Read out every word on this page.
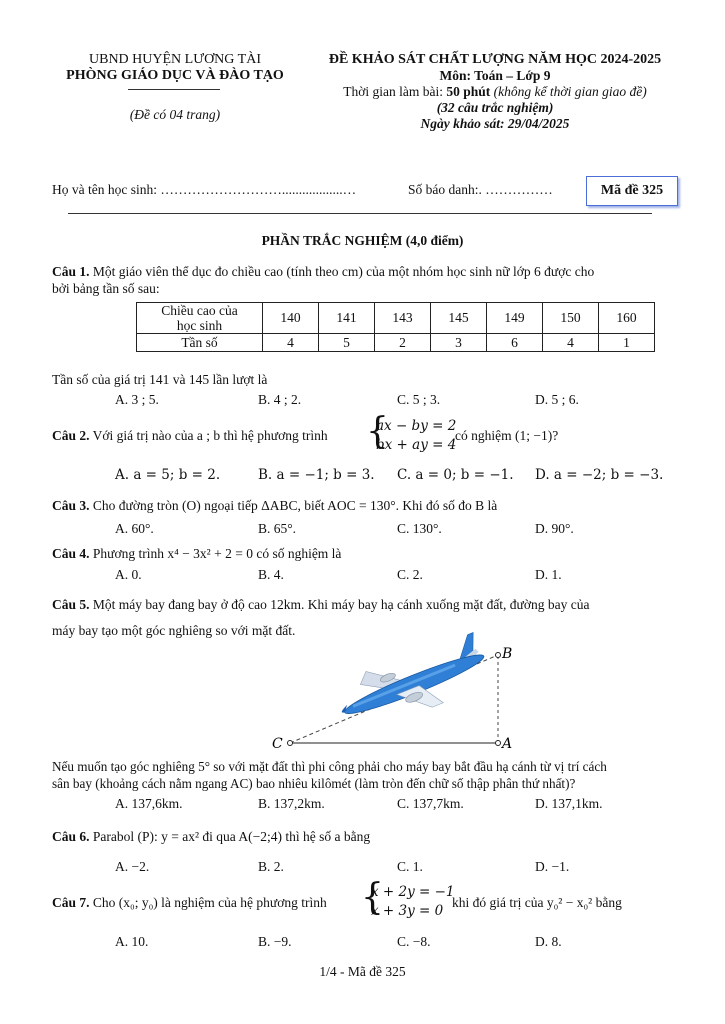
UBND HUYỆN LƯƠNG TÀI
PHÒNG GIÁO DỤC VÀ ĐÀO TẠO
(Đề có 04 trang)
ĐỀ KHẢO SÁT CHẤT LƯỢNG NĂM HỌC 2024-2025
Môn: Toán – Lớp 9
Thời gian làm bài: 50 phút (không kể thời gian giao đề)
(32 câu trắc nghiệm)
Ngày khảo sát: 29/04/2025
Họ và tên học sinh: ………………………..................…	Số báo danh:. ……………	Mã đề 325
PHẦN TRẮC NGHIỆM (4,0 điểm)
Câu 1. Một giáo viên thể dục đo chiều cao (tính theo cm) của một nhóm học sinh nữ lớp 6 được cho
bởi bảng tần số sau:
Chiều cao của
học sinh	140	141	143	145	149	150	160
Tần số	4	5	2	3	6	4	1
Tần số của giá trị 141 và 145 lần lượt là
A. 3 ; 5.	B. 4 ; 2.	C. 5 ; 3.	D. 5 ; 6.
Câu 2. Với giá trị nào của a ; b thì hệ phương trình {
ax − by = 2
bx + ay = 4
có nghiệm (1; −1)?
A. a = 5; b = 2.	B. a = −1; b = 3. C. a = 0; b = −1. D. a = −2; b = −3.
Câu 3. Cho đường tròn (O) ngoại tiếp ΔABC, biết AOC = 130°. Khi đó số đo B là
A. 60°.	B. 65°.	C. 130°.	D. 90°.
Câu 4. Phương trình x⁴ − 3x² + 2 = 0 có số nghiệm là
A. 0.	B. 4.	C. 2.	D. 1.
Câu 5. Một máy bay đang bay ở độ cao 12km. Khi máy bay hạ cánh xuống mặt đất, đường bay của
máy bay tạo một góc nghiêng so với mặt đất.
B
A
C
Nếu muốn tạo góc nghiêng 5° so với mặt đất thì phi công phải cho máy bay bắt đầu hạ cánh từ vị trí cách
sân bay (khoảng cách nằm ngang AC) bao nhiêu kilômét (làm tròn đến chữ số thập phân thứ nhất)?
A. 137,6km.	B. 137,2km.	C. 137,7km.	D. 137,1km.
Câu 6. Parabol (P): y = ax² đi qua A(−2;4) thì hệ số a bằng
A. −2.	B. 2.	C. 1.	D. −1.
Câu 7. Cho (x₀; y₀) là nghiệm của hệ phương trình {
x + 2y = −1
x + 3y = 0
khi đó giá trị của y₀² − x₀² bằng
A. 10.	B. −9.	C. −8.	D. 8.
1/4 - Mã đề 325
